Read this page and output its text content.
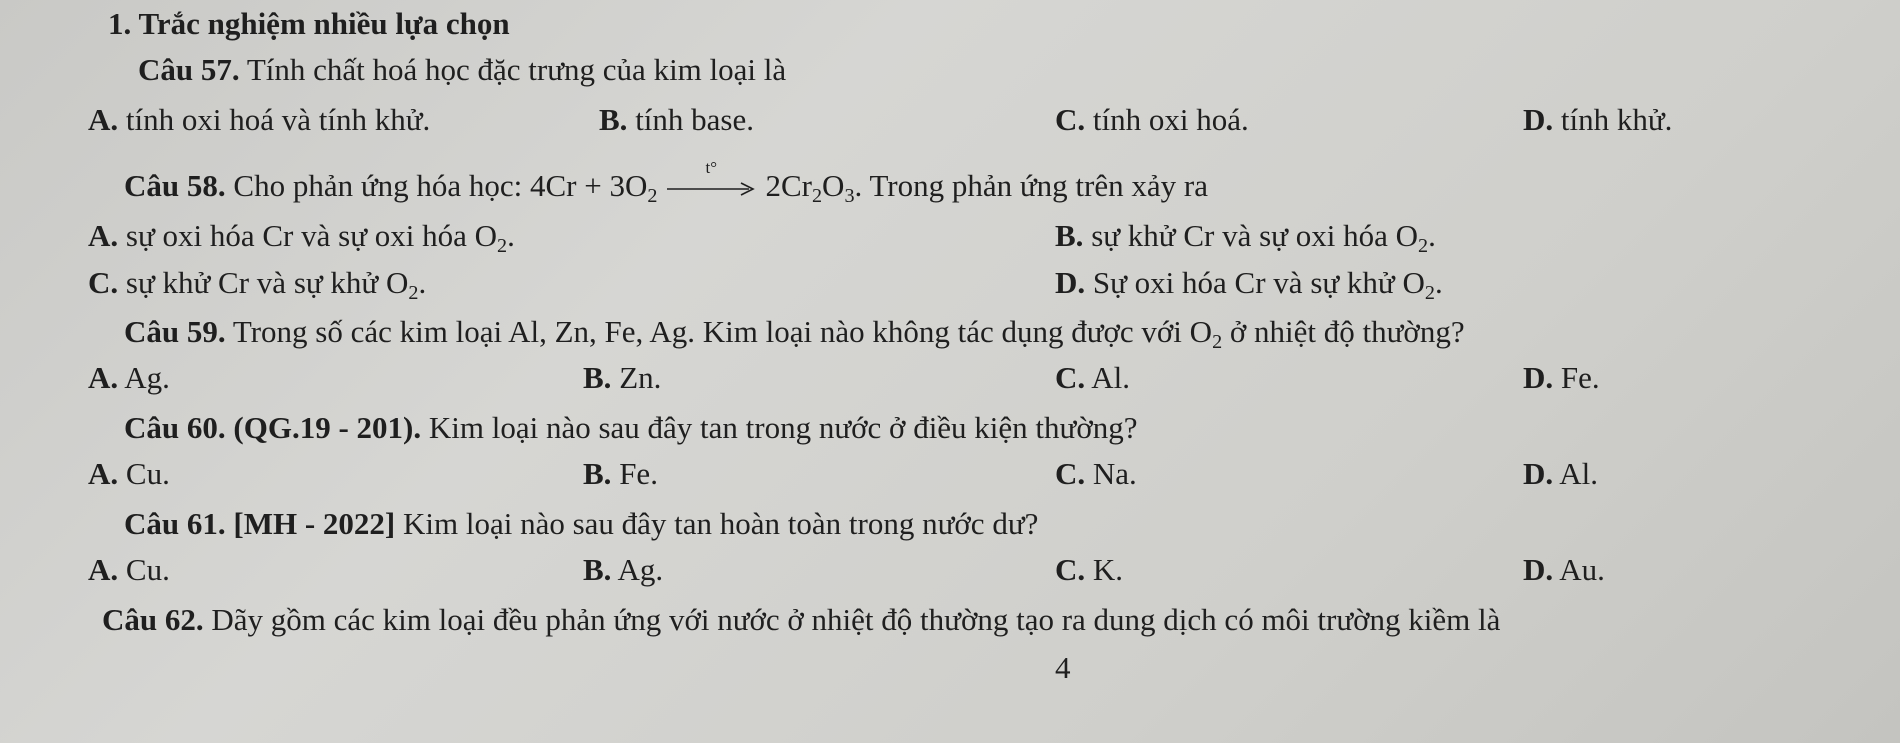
1. Trắc nghiệm nhiều lựa chọn
Câu 57. Tính chất hoá học đặc trưng của kim loại là
A. tính oxi hoá và tính khử.	B. tính base.	C. tính oxi hoá.	D. tính khử.
Câu 58. Cho phản ứng hóa học: $4Cr + 3O_2$
t°
$2Cr_2O_3$. Trong phản ứng trên xảy ra
A. sự oxi hóa Cr và sự oxi hóa $O_2$.	B. sự khử Cr và sự oxi hóa $O_2$.
C. sự khử Cr và sự khử $O_2$.	D. Sự oxi hóa Cr và sự khử $O_2$.
Câu 59. Trong số các kim loại Al, Zn, Fe, Ag. Kim loại nào không tác dụng được với $O_2$ ở nhiệt độ thường?
A. Ag.	B. Zn.	C. Al.	D. Fe.
Câu 60. (QG.19 - 201). Kim loại nào sau đây tan trong nước ở điều kiện thường?
A. Cu.	B. Fe.	C. Na.	D. Al.
Câu 61. [MH - 2022] Kim loại nào sau đây tan hoàn toàn trong nước dư?
A. Cu.	B. Ag.	C. K.	D. Au.
Câu 62. Dãy gồm các kim loại đều phản ứng với nước ở nhiệt độ thường tạo ra dung dịch có môi trường kiềm là
4
